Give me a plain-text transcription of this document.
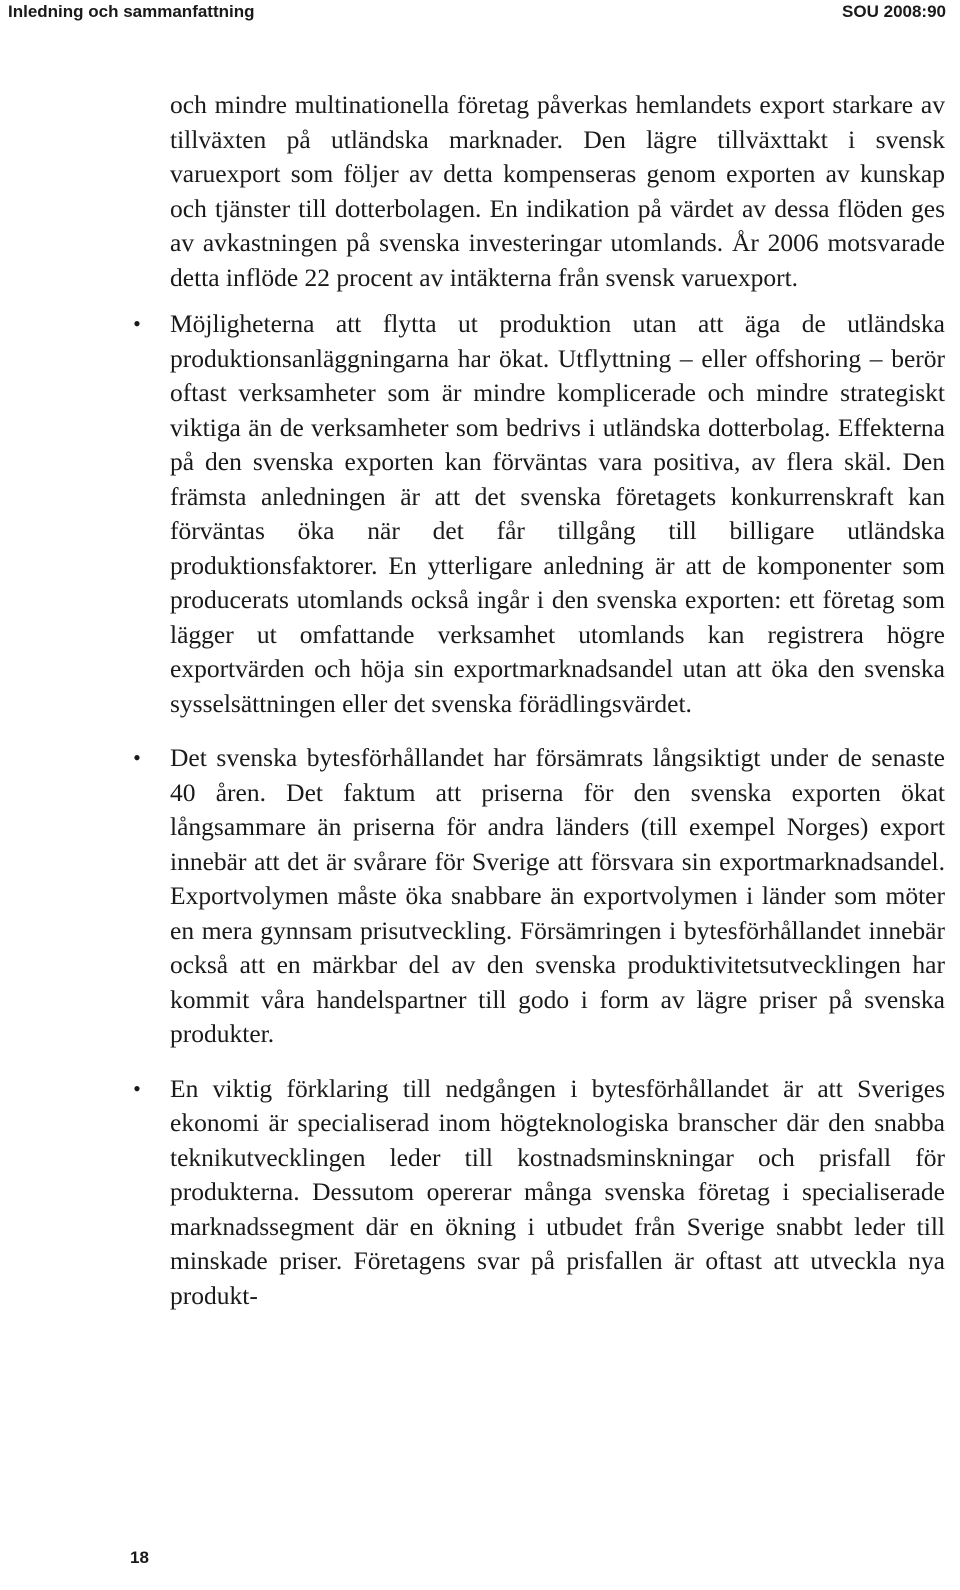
Inledning och sammanfattning	SOU 2008:90

och mindre multinationella företag påverkas hemlandets export starkare av tillväxten på utländska marknader. Den lägre tillväxttakt i svensk varuexport som följer av detta kompenseras genom exporten av kunskap och tjänster till dotterbolagen. En indikation på värdet av dessa flöden ges av avkastningen på svenska investeringar utomlands. År 2006 motsvarade detta inflöde 22 procent av intäkterna från svensk varuexport.

• Möjligheterna att flytta ut produktion utan att äga de utländska produktionsanläggningarna har ökat. Utflyttning – eller offshoring – berör oftast verksamheter som är mindre komplicerade och mindre strategiskt viktiga än de verksamheter som bedrivs i utländska dotterbolag. Effekterna på den svenska exporten kan förväntas vara positiva, av flera skäl. Den främsta anledningen är att det svenska företagets konkurrenskraft kan förväntas öka när det får tillgång till billigare utländska produktionsfaktorer. En ytterligare anledning är att de komponenter som producerats utomlands också ingår i den svenska exporten: ett företag som lägger ut omfattande verksamhet utomlands kan registrera högre exportvärden och höja sin exportmarknadsandel utan att öka den svenska sysselsättningen eller det svenska förädlingsvärdet.
• Det svenska bytesförhållandet har försämrats långsiktigt under de senaste 40 åren. Det faktum att priserna för den svenska exporten ökat långsammare än priserna för andra länders (till exempel Norges) export innebär att det är svårare för Sverige att försvara sin exportmarknadsandel. Exportvolymen måste öka snabbare än exportvolymen i länder som möter en mera gynnsam prisutveckling. Försämringen i bytesförhållandet innebär också att en märkbar del av den svenska produktivitetsutvecklingen har kommit våra handelspartner till godo i form av lägre priser på svenska produkter.
• En viktig förklaring till nedgången i bytesförhållandet är att Sveriges ekonomi är specialiserad inom högteknologiska branscher där den snabba teknikutvecklingen leder till kostnadsminskningar och prisfall för produkterna. Dessutom opererar många svenska företag i specialiserade marknadssegment där en ökning i utbudet från Sverige snabbt leder till minskade priser. Företagens svar på prisfallen är oftast att utveckla nya produkt-
18
